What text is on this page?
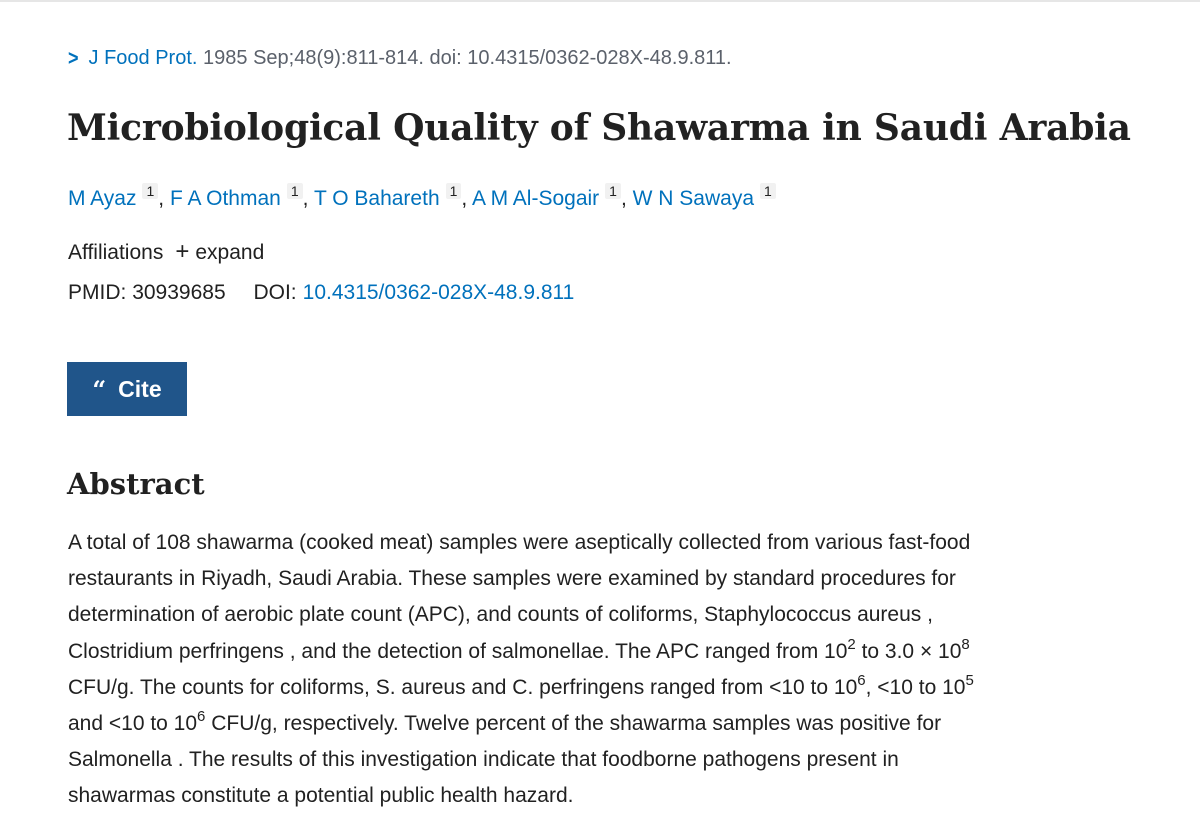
> J Food Prot. 1985 Sep;48(9):811-814. doi: 10.4315/0362-028X-48.9.811.
Microbiological Quality of Shawarma in Saudi Arabia
M Ayaz 1 , F A Othman 1 , T O Bahareth 1 , A M Al-Sogair 1 , W N Sawaya 1
Affiliations + expand
PMID: 30939685 DOI: 10.4315/0362-028X-48.9.811
“ Cite
Abstract
A total of 108 shawarma (cooked meat) samples were aseptically collected from various fast-food
restaurants in Riyadh, Saudi Arabia. These samples were examined by standard procedures for
determination of aerobic plate count (APC), and counts of coliforms, Staphylococcus aureus ,
Clostridium perfringens , and the detection of salmonellae. The APC ranged from $10^2$ to $3.0 \times 10^8$
CFU/g. The counts for coliforms, S. aureus and C. perfringens ranged from <10 to $10^6$, <10 to $10^5$
and <10 to $10^6$ CFU/g, respectively. Twelve percent of the shawarma samples was positive for
Salmonella . The results of this investigation indicate that foodborne pathogens present in
shawarmas constitute a potential public health hazard.
